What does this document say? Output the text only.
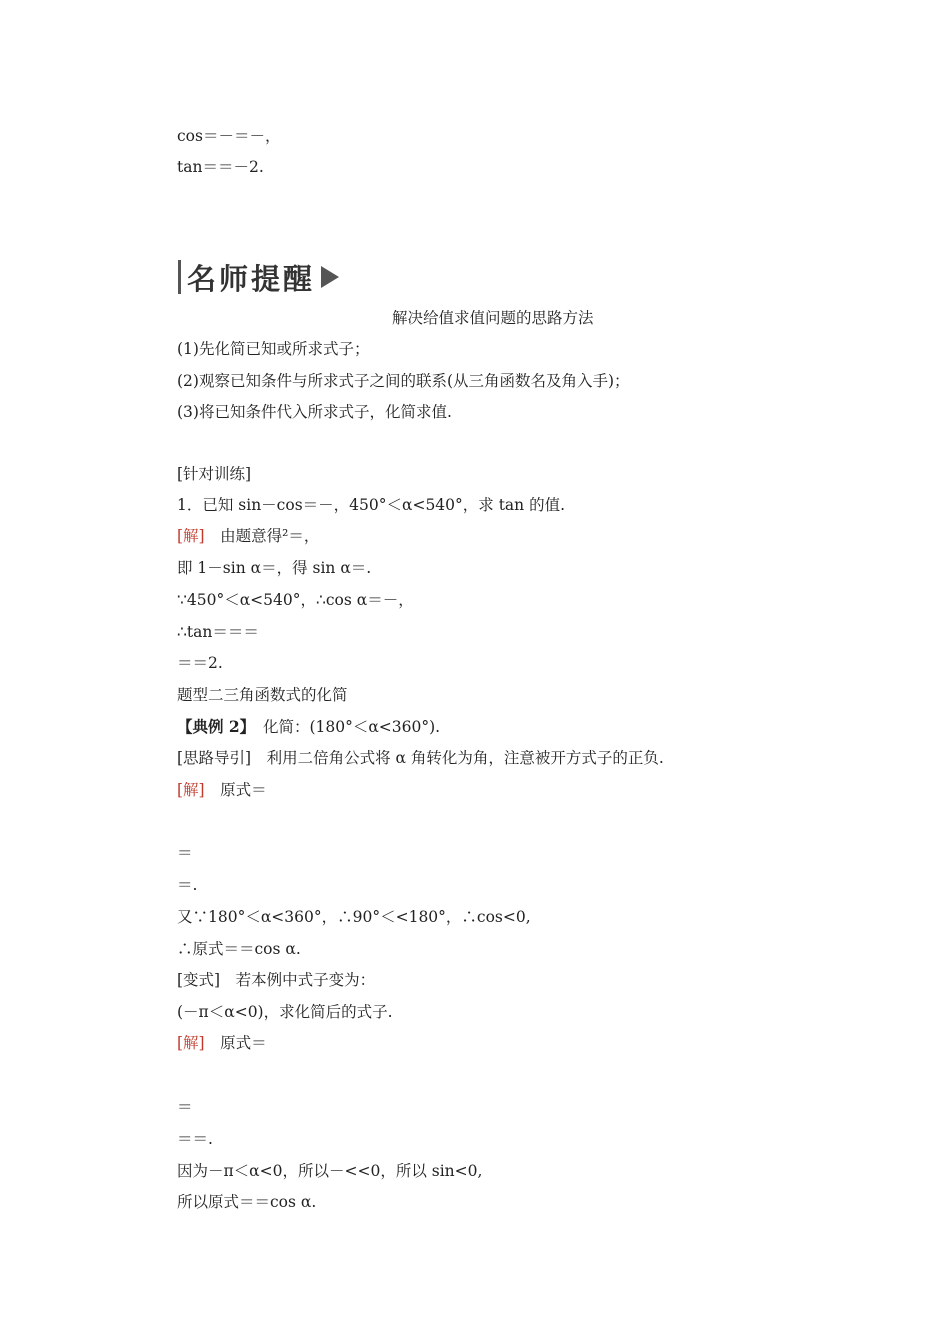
cos＝－＝－，
tan＝＝－2.
名师提醒
解决给值求值问题的思路方法
(1)先化简已知或所求式子；
(2)观察已知条件与所求式子之间的联系(从三角函数名及角入手)；
(3)将已知条件代入所求式子，化简求值.
[针对训练]
1．已知 sin－cos＝－，450°＜α<540°，求 tan 的值.
[解]　由题意得²＝，
即 1－sin α＝，得 sin α＝.
∵450°＜α<540°，∴cos α＝－，
∴tan＝＝＝
＝＝2.
题型二三角函数式的化简
【典例 2】　化简：(180°＜α<360°).
[思路导引]　利用二倍角公式将 α 角转化为角，注意被开方式子的正负.
[解]　原式＝
＝
＝.
又∵180°＜α<360°，∴90°＜<180°，∴cos<0,
∴原式＝＝cos α.
[变式]　若本例中式子变为：
(－π＜α<0)，求化简后的式子.
[解]　原式＝
＝
＝＝.
因为－π＜α<0，所以－<<0，所以 sin<0,
所以原式＝＝cos α.
